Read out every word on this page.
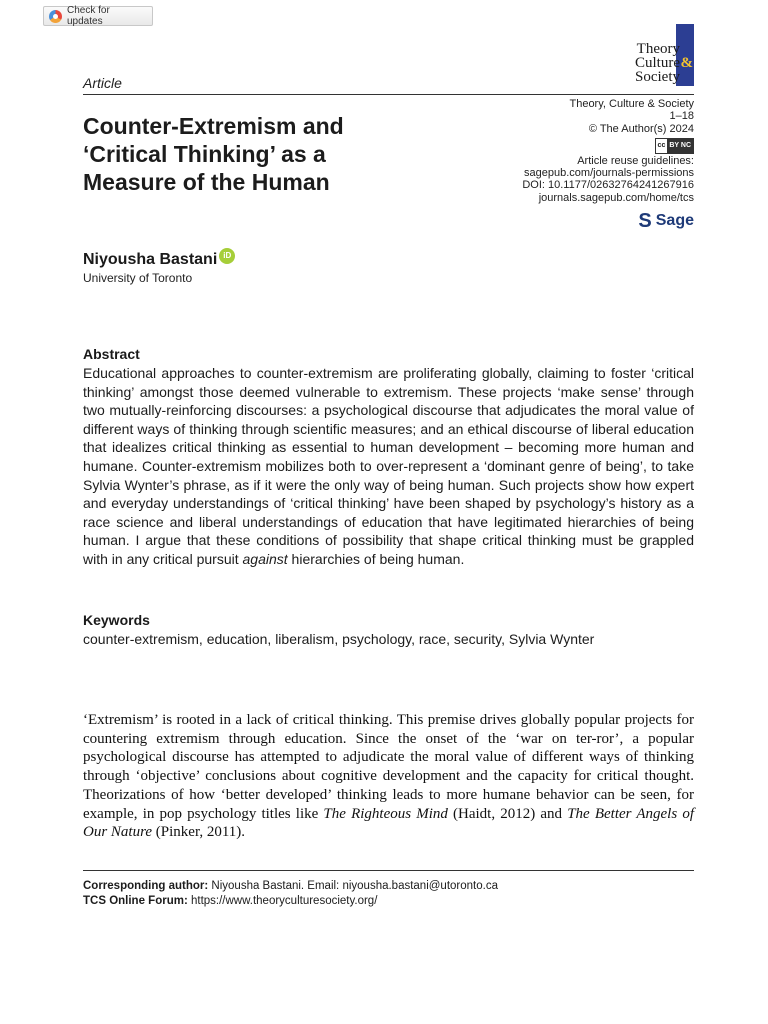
Check for updates
Theory
Culture
Society
&
Article
Theory, Culture & Society
1–18
© The Author(s) 2024
cc BY NC
Article reuse guidelines:
sagepub.com/journals-permissions
DOI: 10.1177/02632764241267916
journals.sagepub.com/home/tcs
S Sage
Counter-Extremism and
‘Critical Thinking’ as a
Measure of the Human
Niyousha Bastani iD
University of Toronto
Abstract

Educational approaches to counter-extremism are proliferating globally, claiming to foster ‘critical thinking’ amongst those deemed vulnerable to extremism. These projects ‘make sense’ through two mutually-reinforcing discourses: a psychological discourse that adjudicates the moral value of different ways of thinking through scientific measures; and an ethical discourse of liberal education that idealizes critical thinking as essential to human development – becoming more human and humane. Counter-extremism mobilizes both to over-represent a ‘dominant genre of being’, to take Sylvia Wynter’s phrase, as if it were the only way of being human. Such projects show how expert and everyday understandings of ‘critical thinking’ have been shaped by psychology’s history as a race science and liberal understandings of education that have legitimated hierarchies of being human. I argue that these conditions of possibility that shape critical thinking must be grappled with in any critical pursuit against hierarchies of being human.

Keywords
counter-extremism, education, liberalism, psychology, race, security, Sylvia Wynter

‘Extremism’ is rooted in a lack of critical thinking. This premise drives globally popular projects for countering extremism through education. Since the onset of the ‘war on ter-ror’, a popular psychological discourse has attempted to adjudicate the moral value of different ways of thinking through ‘objective’ conclusions about cognitive development and the capacity for critical thought. Theorizations of how ‘better developed’ thinking leads to more humane behavior can be seen, for example, in pop psychology titles like The Righteous Mind (Haidt, 2012) and The Better Angels of Our Nature (Pinker, 2011).

Corresponding author: Niyousha Bastani. Email: niyousha.bastani@utoronto.ca
TCS Online Forum: https://www.theoryculturesociety.org/
